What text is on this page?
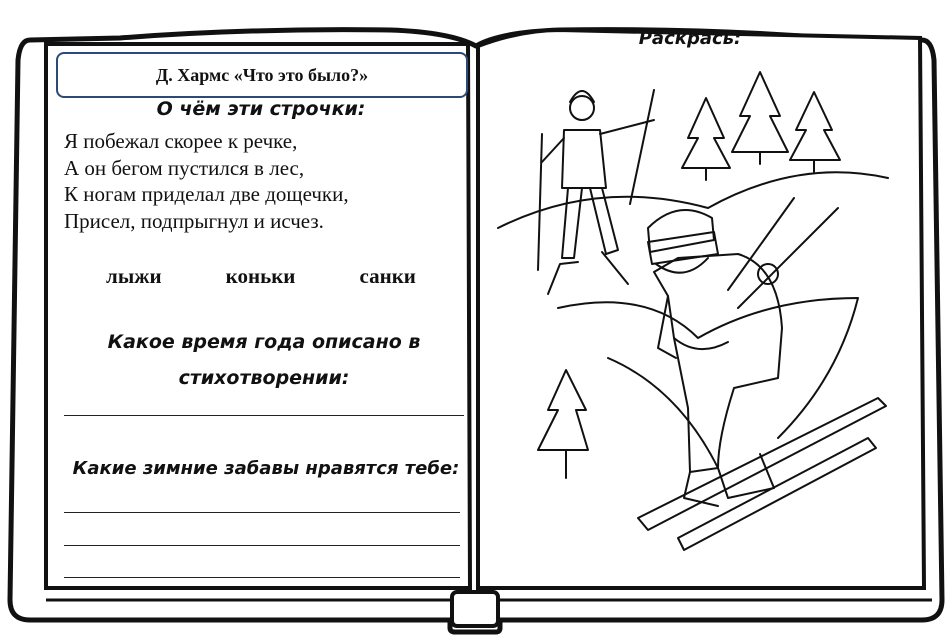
Д. Хармс «Что это было?»
О чём эти строчки:
Я побежал скорее к речке,
А он бегом пустился в лес,
К ногам приделал две дощечки,
Присел, подпрыгнул и исчез.
лыжи	коньки	санки
Какое время года описано в
стихотворении:
Какие зимние забавы нравятся тебе:
Раскрась:
